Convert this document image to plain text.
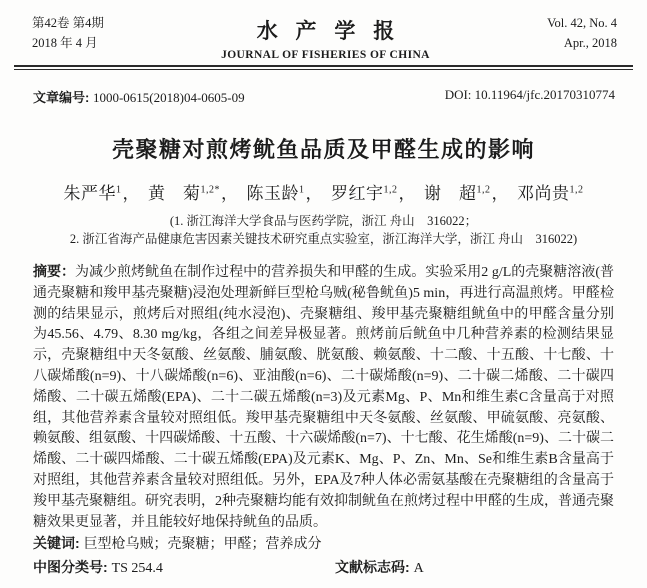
第42卷 第4期
2018 年 4 月	水产学报
JOURNAL OF FISHERIES OF CHINA
Vol. 42, No. 4
Apr., 2018
文章编号: 1000-0615(2018)04-0605-09	DOI: 10.11964/jfc.20170310774
壳聚糖对煎烤鱿鱼品质及甲醛生成的影响
朱严华$^1$， 黄　菊$^{1,2*}$， 陈玉龄$^1$， 罗红宇$^{1,2}$， 谢　超$^{1,2}$， 邓尚贵$^{1,2}$
(1. 浙江海洋大学食品与医药学院，浙江 舟山　316022；
2. 浙江省海产品健康危害因素关键技术研究重点实验室，浙江海洋大学，浙江 舟山　316022)
摘要：为减少煎烤鱿鱼在制作过程中的营养损失和甲醛的生成。实验采用2 g/L的壳聚糖溶液(普通壳聚糖和羧甲基壳聚糖)浸泡处理新鲜巨型枪乌贼(秘鲁鱿鱼)5 min，再进行高温煎烤。甲醛检测的结果显示，煎烤后对照组(纯水浸泡)、壳聚糖组、羧甲基壳聚糖组鱿鱼中的甲醛含量分别为45.56、4.79、8.30 mg/kg，各组之间差异极显著。煎烤前后鱿鱼中几种营养素的检测结果显示，壳聚糖组中天冬氨酸、丝氨酸、脯氨酸、胱氨酸、赖氨酸、十二酸、十五酸、十七酸、十八碳烯酸(n=9)、十八碳烯酸(n=6)、亚油酸(n=6)、二十碳烯酸(n=9)、二十碳二烯酸、二十碳四烯酸、二十碳五烯酸(EPA)、二十二碳五烯酸(n=3)及元素Mg、P、Mn和维生素C含量高于对照组，其他营养素含量较对照组低。羧甲基壳聚糖组中天冬氨酸、丝氨酸、甲硫氨酸、亮氨酸、赖氨酸、组氨酸、十四碳烯酸、十五酸、十六碳烯酸(n=7)、十七酸、花生烯酸(n=9)、二十碳二烯酸、二十碳四烯酸、二十碳五烯酸(EPA)及元素K、Mg、P、Zn、Mn、Se和维生素B含量高于对照组，其他营养素含量较对照组低。另外，EPA及7种人体必需氨基酸在壳聚糖组的含量高于羧甲基壳聚糖组。研究表明，2种壳聚糖均能有效抑制鱿鱼在煎烤过程中甲醛的生成，普通壳聚糖效果更显著，并且能较好地保持鱿鱼的品质。
关键词: 巨型枪乌贼；壳聚糖；甲醛；营养成分
中图分类号: TS 254.4	文献标志码: A
